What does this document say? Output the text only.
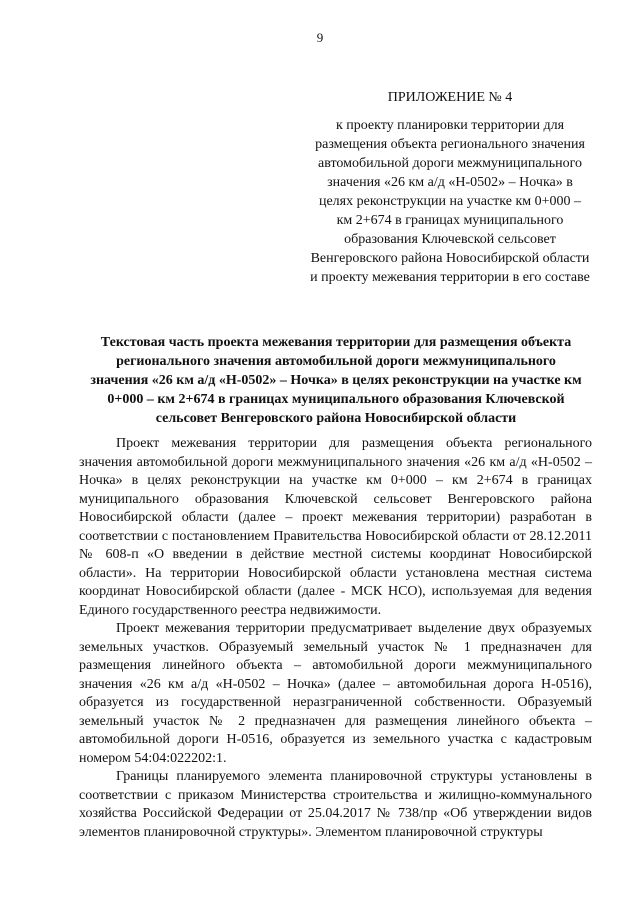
9
ПРИЛОЖЕНИЕ № 4
к проекту планировки территории для
размещения объекта регионального значения
автомобильной дороги межмуниципального
значения «26 км а/д «Н-0502» – Ночка» в
целях реконструкции на участке км 0+000 –
км 2+674 в границах муниципального
образования Ключевской сельсовет
Венгеровского района Новосибирской области
и проекту межевания территории в его составе
Текстовая часть проекта межевания территории для размещения объекта
регионального значения автомобильной дороги межмуниципального
значения «26 км а/д «Н-0502» – Ночка» в целях реконструкции на участке км
0+000 – км 2+674 в границах муниципального образования Ключевской
сельсовет Венгеровского района Новосибирской области

Проект межевания территории для размещения объекта регионального значения автомобильной дороги межмуниципального значения «26 км а/д «Н-0502 – Ночка» в целях реконструкции на участке км 0+000 – км 2+674 в границах муниципального образования Ключевской сельсовет Венгеровского района Новосибирской области (далее – проект межевания территории) разработан в соответствии с постановлением Правительства Новосибирской области от 28.12.2011 № 608-п «О введении в действие местной системы координат Новосибирской области». На территории Новосибирской области установлена местная система координат Новосибирской области (далее - МСК НСО), используемая для ведения Единого государственного реестра недвижимости.

Проект межевания территории предусматривает выделение двух образуемых земельных участков. Образуемый земельный участок № 1 предназначен для размещения линейного объекта – автомобильной дороги межмуниципального значения «26 км а/д «Н-0502 – Ночка» (далее – автомобильная дорога Н-0516), образуется из государственной неразграниченной собственности. Образуемый земельный участок № 2 предназначен для размещения линейного объекта – автомобильной дороги Н-0516, образуется из земельного участка с кадастровым номером 54:04:022202:1.

Границы планируемого элемента планировочной структуры установлены в соответствии с приказом Министерства строительства и жилищно-коммунального хозяйства Российской Федерации от 25.04.2017 № 738/пр «Об утверждении видов элементов планировочной структуры». Элементом планировочной структуры
